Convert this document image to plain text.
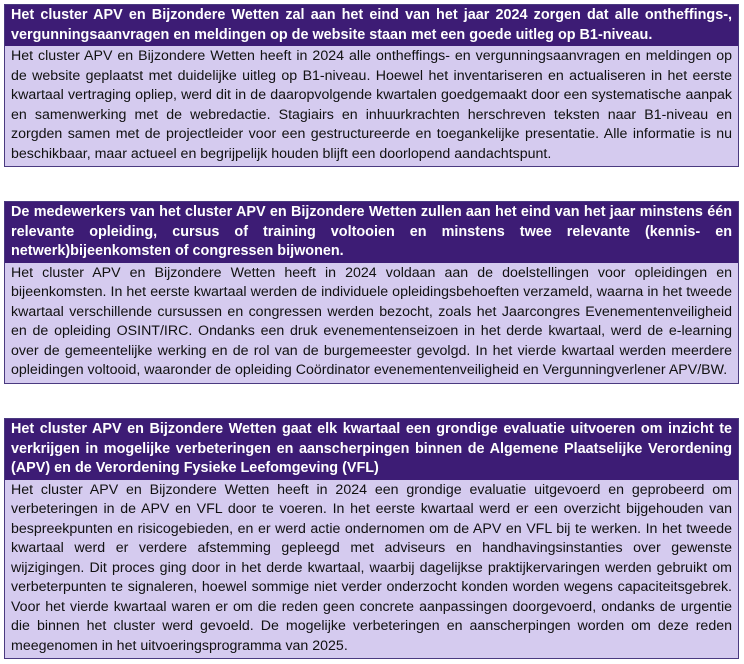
Het cluster APV en Bijzondere Wetten zal aan het eind van het jaar 2024 zorgen dat alle ontheffings-, vergunningsaanvragen en meldingen op de website staan met een goede uitleg op B1-niveau.
Het cluster APV en Bijzondere Wetten heeft in 2024 alle ontheffings- en vergunningsaanvragen en meldingen op de website geplaatst met duidelijke uitleg op B1-niveau. Hoewel het inventariseren en actualiseren in het eerste kwartaal vertraging opliep, werd dit in de daaropvolgende kwartalen goedgemaakt door een systematische aanpak en samenwerking met de webredactie. Stagiairs en inhuurkrachten herschreven teksten naar B1-niveau en zorgden samen met de projectleider voor een gestructureerde en toegankelijke presentatie. Alle informatie is nu beschikbaar, maar actueel en begrijpelijk houden blijft een doorlopend aandachtspunt.
De medewerkers van het cluster APV en Bijzondere Wetten zullen aan het eind van het jaar minstens één relevante opleiding, cursus of training voltooien en minstens twee relevante (kennis- en netwerk)bijeenkomsten of congressen bijwonen.
Het cluster APV en Bijzondere Wetten heeft in 2024 voldaan aan de doelstellingen voor opleidingen en bijeenkomsten. In het eerste kwartaal werden de individuele opleidingsbehoeften verzameld, waarna in het tweede kwartaal verschillende cursussen en congressen werden bezocht, zoals het Jaarcongres Evenementenveiligheid en de opleiding OSINT/IRC. Ondanks een druk evenementenseizoen in het derde kwartaal, werd de e-learning over de gemeentelijke werking en de rol van de burgemeester gevolgd. In het vierde kwartaal werden meerdere opleidingen voltooid, waaronder de opleiding Coördinator evenementenveiligheid en Vergunningverlener APV/BW.
Het cluster APV en Bijzondere Wetten gaat elk kwartaal een grondige evaluatie uitvoeren om inzicht te verkrijgen in mogelijke verbeteringen en aanscherpingen binnen de Algemene Plaatselijke Verordening (APV) en de Verordening Fysieke Leefomgeving (VFL)
Het cluster APV en Bijzondere Wetten heeft in 2024 een grondige evaluatie uitgevoerd en geprobeerd om verbeteringen in de APV en VFL door te voeren. In het eerste kwartaal werd er een overzicht bijgehouden van bespreekpunten en risicogebieden, en er werd actie ondernomen om de APV en VFL bij te werken. In het tweede kwartaal werd er verdere afstemming gepleegd met adviseurs en handhavingsinstanties over gewenste wijzigingen. Dit proces ging door in het derde kwartaal, waarbij dagelijkse praktijkervaringen werden gebruikt om verbeterpunten te signaleren, hoewel sommige niet verder onderzocht konden worden wegens capaciteitsgebrek. Voor het vierde kwartaal waren er om die reden geen concrete aanpassingen doorgevoerd, ondanks de urgentie die binnen het cluster werd gevoeld. De mogelijke verbeteringen en aanscherpingen worden om deze reden meegenomen in het uitvoeringsprogramma van 2025.
